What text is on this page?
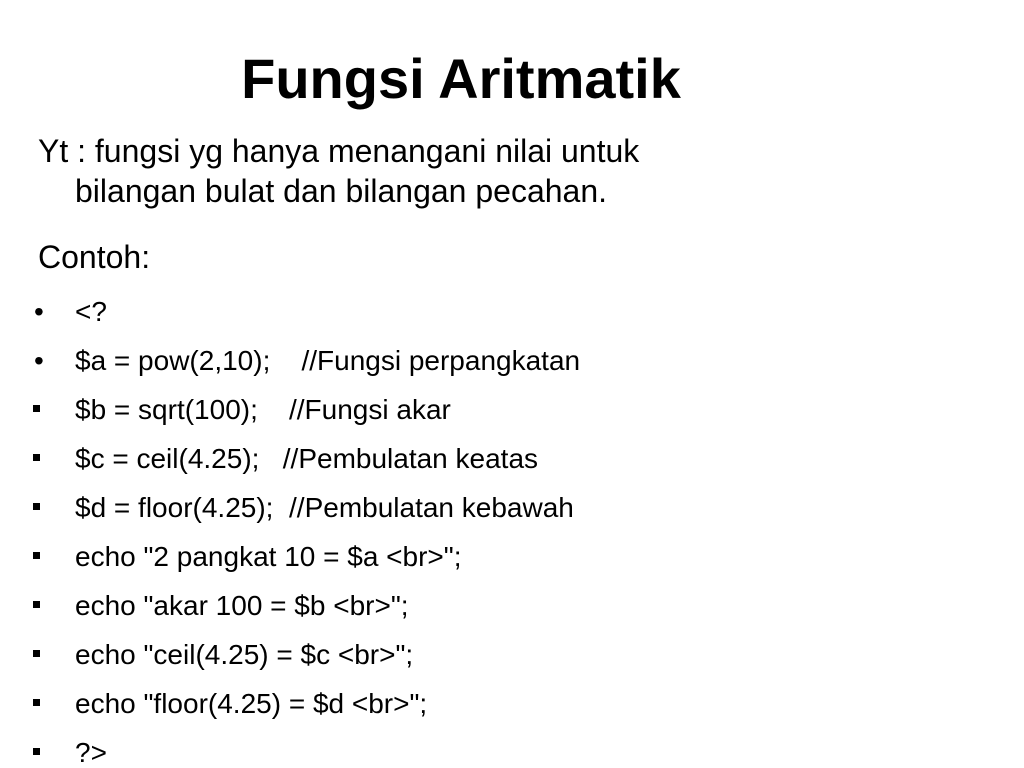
Fungsi Aritmatik
Yt : fungsi yg hanya menangani nilai untuk
bilangan bulat dan bilangan pecahan.
Contoh:
• <?
• $a = pow(2,10);    //Fungsi perpangkatan
$b = sqrt(100);    //Fungsi akar
$c = ceil(4.25);   //Pembulatan keatas
$d = floor(4.25);  //Pembulatan kebawah
echo "2 pangkat 10 = $a <br>";
echo "akar 100 = $b <br>";
echo "ceil(4.25) = $c <br>";
echo "floor(4.25) = $d <br>";
?>
